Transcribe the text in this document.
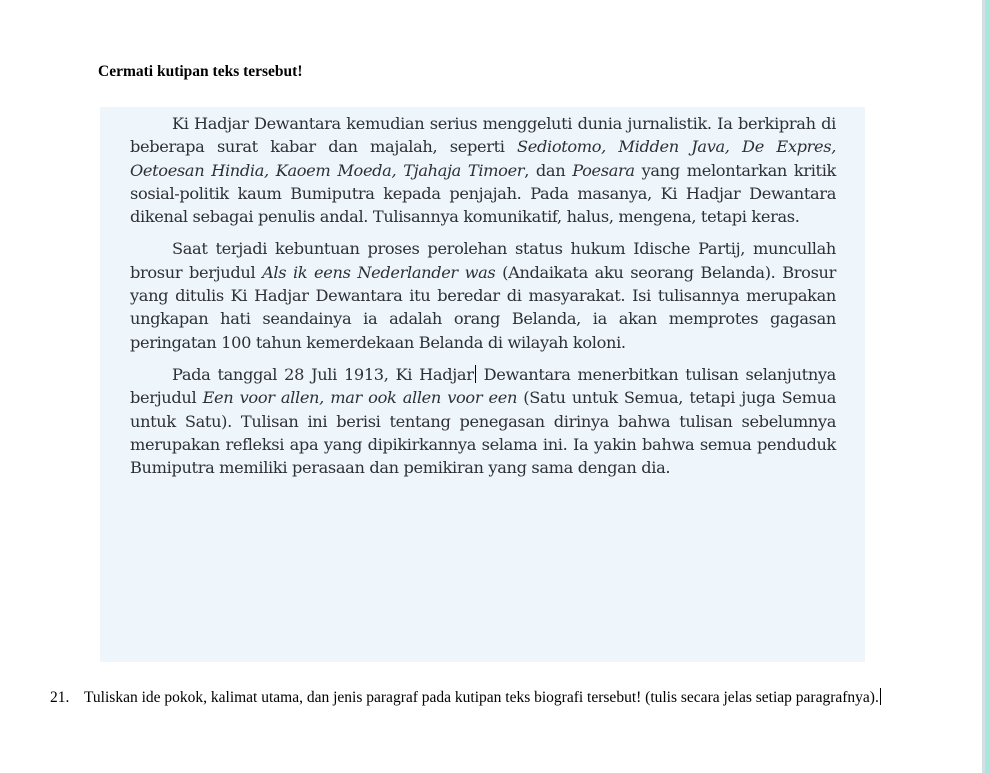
Cermati kutipan teks tersebut!

Ki Hadjar Dewantara kemudian serius menggeluti dunia jurnalistik. Ia berkiprah di beberapa surat kabar dan majalah, seperti Sediotomo, Midden Java, De Expres, Oetoesan Hindia, Kaoem Moeda, Tjahaja Timoer, dan Poesara yang melontarkan kritik sosial-politik kaum Bumiputra kepada penjajah. Pada masanya, Ki Hadjar Dewantara dikenal sebagai penulis andal. Tulisannya komunikatif, halus, mengena, tetapi keras.

Saat terjadi kebuntuan proses perolehan status hukum Idische Partij, muncullah brosur berjudul Als ik eens Nederlander was (Andaikata aku seorang Belanda). Brosur yang ditulis Ki Hadjar Dewantara itu beredar di masyarakat. Isi tulisannya merupakan ungkapan hati seandainya ia adalah orang Belanda, ia akan memprotes gagasan peringatan 100 tahun kemerdekaan Belanda di wilayah koloni.

Pada tanggal 28 Juli 1913, Ki Hadjar Dewantara menerbitkan tulisan selanjutnya berjudul Een voor allen, mar ook allen voor een (Satu untuk Semua, tetapi juga Semua untuk Satu). Tulisan ini berisi tentang penegasan dirinya bahwa tulisan sebelumnya merupakan refleksi apa yang dipikirkannya selama ini. Ia yakin bahwa semua penduduk Bumiputra memiliki perasaan dan pemikiran yang sama dengan dia.

21. Tuliskan ide pokok, kalimat utama, dan jenis paragraf pada kutipan teks biografi tersebut! (tulis secara jelas setiap paragrafnya).
